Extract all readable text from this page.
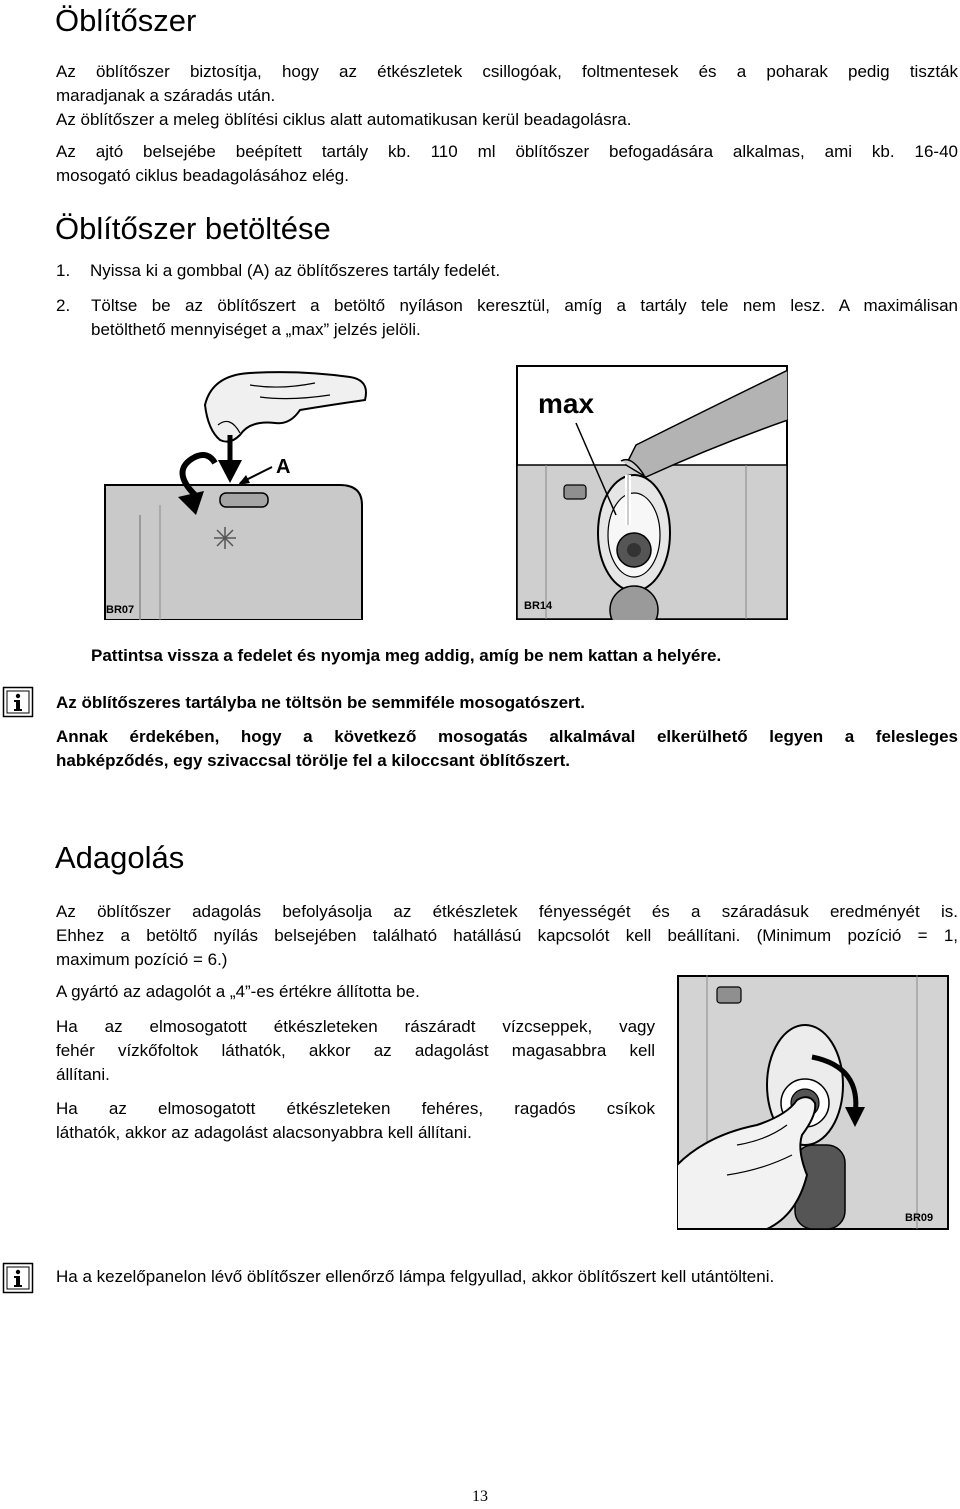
Öblítőszer
Az öblítőszer biztosítja, hogy az étkészletek csillogóak, foltmentesek és a poharak pedig tiszták
maradjanak a száradás után.
Az öblítőszer a meleg öblítési ciklus alatt automatikusan kerül beadagolásra.
Az ajtó belsejébe beépített tartály kb. 110 ml öblítőszer befogadására alkalmas, ami kb. 16-40
mosogató ciklus beadagolásához elég.
Öblítőszer betöltése
1. Nyissa ki a gombbal (A) az öblítőszeres tartály fedelét.
2.	Töltse be az öblítőszert a betöltő nyíláson keresztül, amíg a tartály tele nem lesz. A maximálisan
betölthető mennyiséget a „max” jelzés jelöli.
A
BR07
max
BR14
Pattintsa vissza a fedelet és nyomja meg addig, amíg be nem kattan a helyére.
Az öblítőszeres tartályba ne töltsön be semmiféle mosogatószert.
Annak érdekében, hogy a következő mosogatás alkalmával elkerülhető legyen a felesleges
habképződés, egy szivaccsal törölje fel a kiloccsant öblítőszert.
Adagolás
Az öblítőszer adagolás befolyásolja az étkészletek fényességét és a száradásuk eredményét is.
Ehhez a betöltő nyílás belsejében található hatállású kapcsolót kell beállítani. (Minimum pozíció = 1,
maximum pozíció = 6.)
A gyártó az adagolót a „4”-es értékre állította be.
Ha az elmosogatott étkészleteken rászáradt vízcseppek, vagy
fehér vízkőfoltok láthatók, akkor az adagolást magasabbra kell
állítani.
Ha az elmosogatott étkészleteken fehéres, ragadós csíkok
láthatók, akkor az adagolást alacsonyabbra kell állítani.
BR09
Ha a kezelőpanelon lévő öblítőszer ellenőrző lámpa felgyullad, akkor öblítőszert kell utántölteni.
13
